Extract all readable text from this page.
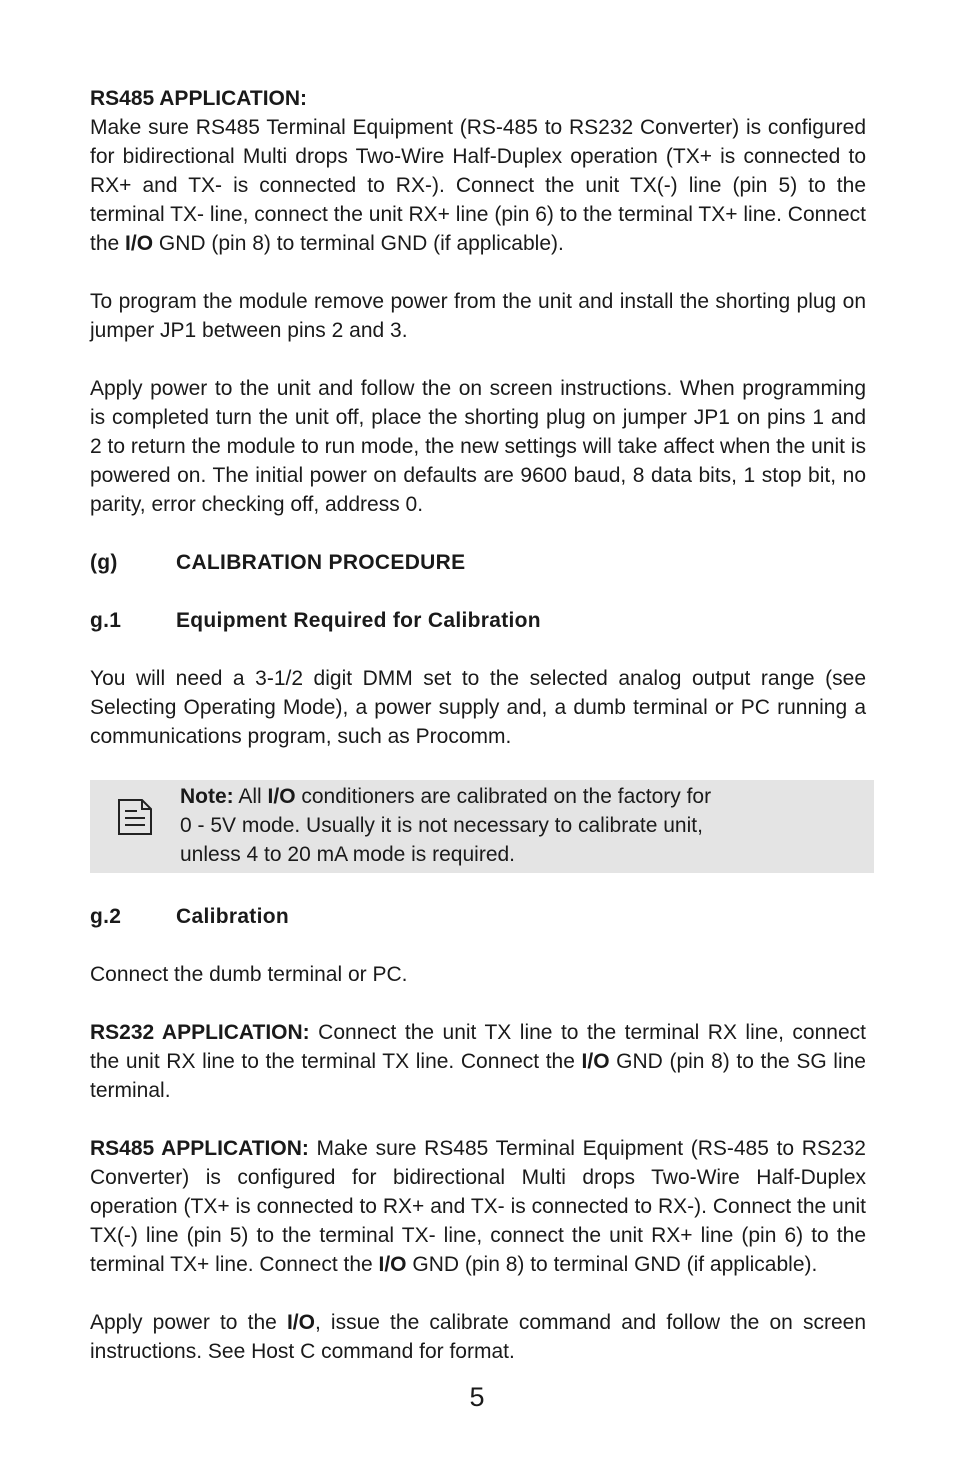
RS485 APPLICATION:

Make sure RS485 Terminal Equipment (RS-485 to RS232 Converter) is configured for bidirectional Multi drops Two-Wire Half-Duplex operation (TX+ is connected to RX+ and TX- is connected to RX-). Connect the unit TX(-) line (pin 5) to the terminal TX- line, connect the unit RX+ line (pin 6) to the terminal TX+ line. Connect the I/O GND (pin 8) to terminal GND (if applicable).

To program the module remove power from the unit and install the shorting plug on jumper JP1 between pins 2 and 3.

Apply power to the unit and follow the on screen instructions. When programming is completed turn the unit off, place the shorting plug on jumper JP1 on pins 1 and 2 to return the module to run mode, the new settings will take affect when the unit is powered on. The initial power on defaults are 9600 baud, 8 data bits, 1 stop bit, no parity, error checking off, address 0.

(g)	CALIBRATION PROCEDURE
g.1	Equipment Required for Calibration

You will need a 3-1/2 digit DMM set to the selected analog output range (see Selecting Operating Mode), a power supply and, a dumb terminal or PC running a communications program, such as Procomm.

Note: All I/O conditioners are calibrated on the factory for

0 - 5V mode. Usually it is not necessary to calibrate unit,

unless 4 to 20 mA mode is required.

g.2	Calibration

Connect the dumb terminal or PC.

RS232 APPLICATION: Connect the unit TX line to the terminal RX line, connect the unit RX line to the terminal TX line. Connect the I/O GND (pin 8) to the SG line terminal.

RS485 APPLICATION: Make sure RS485 Terminal Equipment (RS-485 to RS232 Converter) is configured for bidirectional Multi drops Two-Wire Half-Duplex operation (TX+ is connected to RX+ and TX- is connected to RX-). Connect the unit TX(-) line (pin 5) to the terminal TX- line, connect the unit RX+ line (pin 6) to the terminal TX+ line. Connect the I/O GND (pin 8) to terminal GND (if applicable).

Apply power to the I/O, issue the calibrate command and follow the on screen instructions. See Host C command for format.

5
